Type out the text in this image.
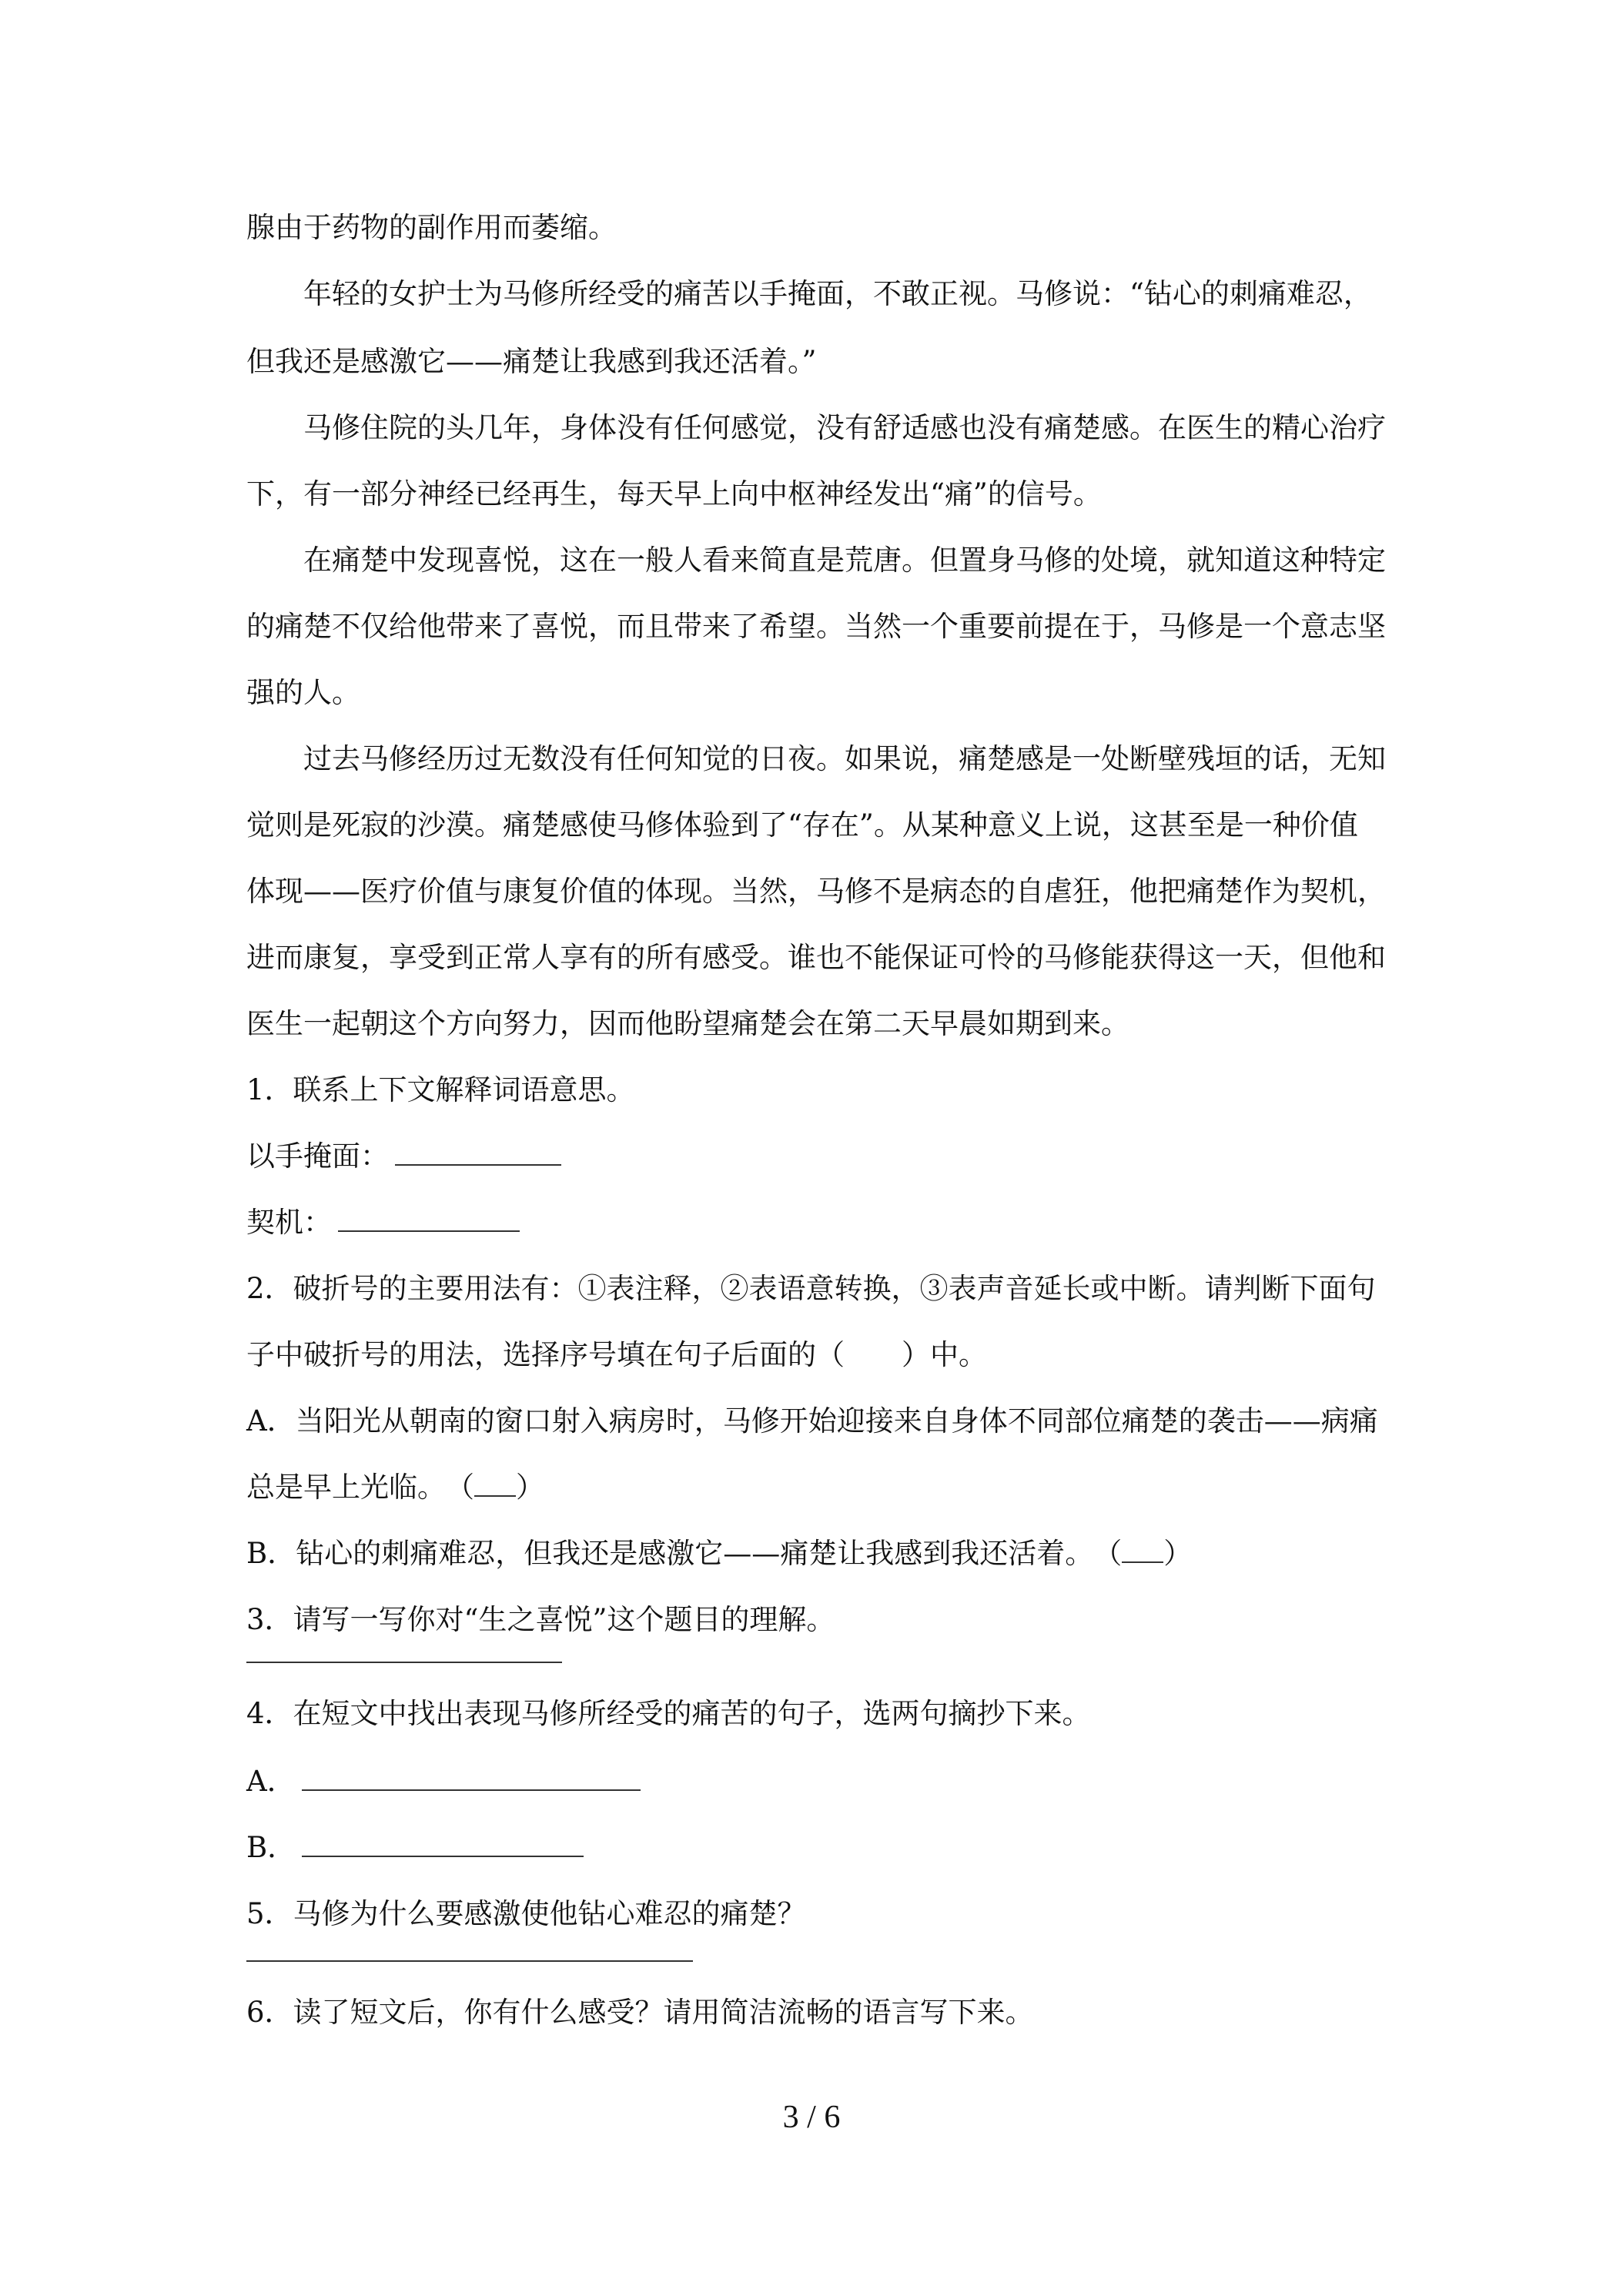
腺由于药物的副作用而萎缩。
年轻的女护士为马修所经受的痛苦以手掩面，不敢正视。马修说：“钻心的刺痛难忍，
但我还是感激它——痛楚让我感到我还活着。”
马修住院的头几年，身体没有任何感觉，没有舒适感也没有痛楚感。在医生的精心治疗
下，有一部分神经已经再生，每天早上向中枢神经发出“痛”的信号。
在痛楚中发现喜悦，这在一般人看来简直是荒唐。但置身马修的处境，就知道这种特定
的痛楚不仅给他带来了喜悦，而且带来了希望。当然一个重要前提在于，马修是一个意志坚
强的人。
过去马修经历过无数没有任何知觉的日夜。如果说，痛楚感是一处断壁残垣的话，无知
觉则是死寂的沙漠。痛楚感使马修体验到了“存在”。从某种意义上说，这甚至是一种价值
体现——医疗价值与康复价值的体现。当然，马修不是病态的自虐狂，他把痛楚作为契机，
进而康复，享受到正常人享有的所有感受。谁也不能保证可怜的马修能获得这一天，但他和
医生一起朝这个方向努力，因而他盼望痛楚会在第二天早晨如期到来。
1．联系上下文解释词语意思。
以手掩面：
契机：
2．破折号的主要用法有：①表注释，②表语意转换，③表声音延长或中断。请判断下面句
子中破折号的用法，选择序号填在句子后面的（　　）中。
A．当阳光从朝南的窗口射入病房时，马修开始迎接来自身体不同部位痛楚的袭击——病痛
总是早上光临。（ ）
B．钻心的刺痛难忍，但我还是感激它——痛楚让我感到我还活着。（ ）
3．请写一写你对“生之喜悦”这个题目的理解。
4．在短文中找出表现马修所经受的痛苦的句子，选两句摘抄下来。
A．
B．
5．马修为什么要感激使他钻心难忍的痛楚？
6．读了短文后，你有什么感受？请用简洁流畅的语言写下来。
3 / 6
